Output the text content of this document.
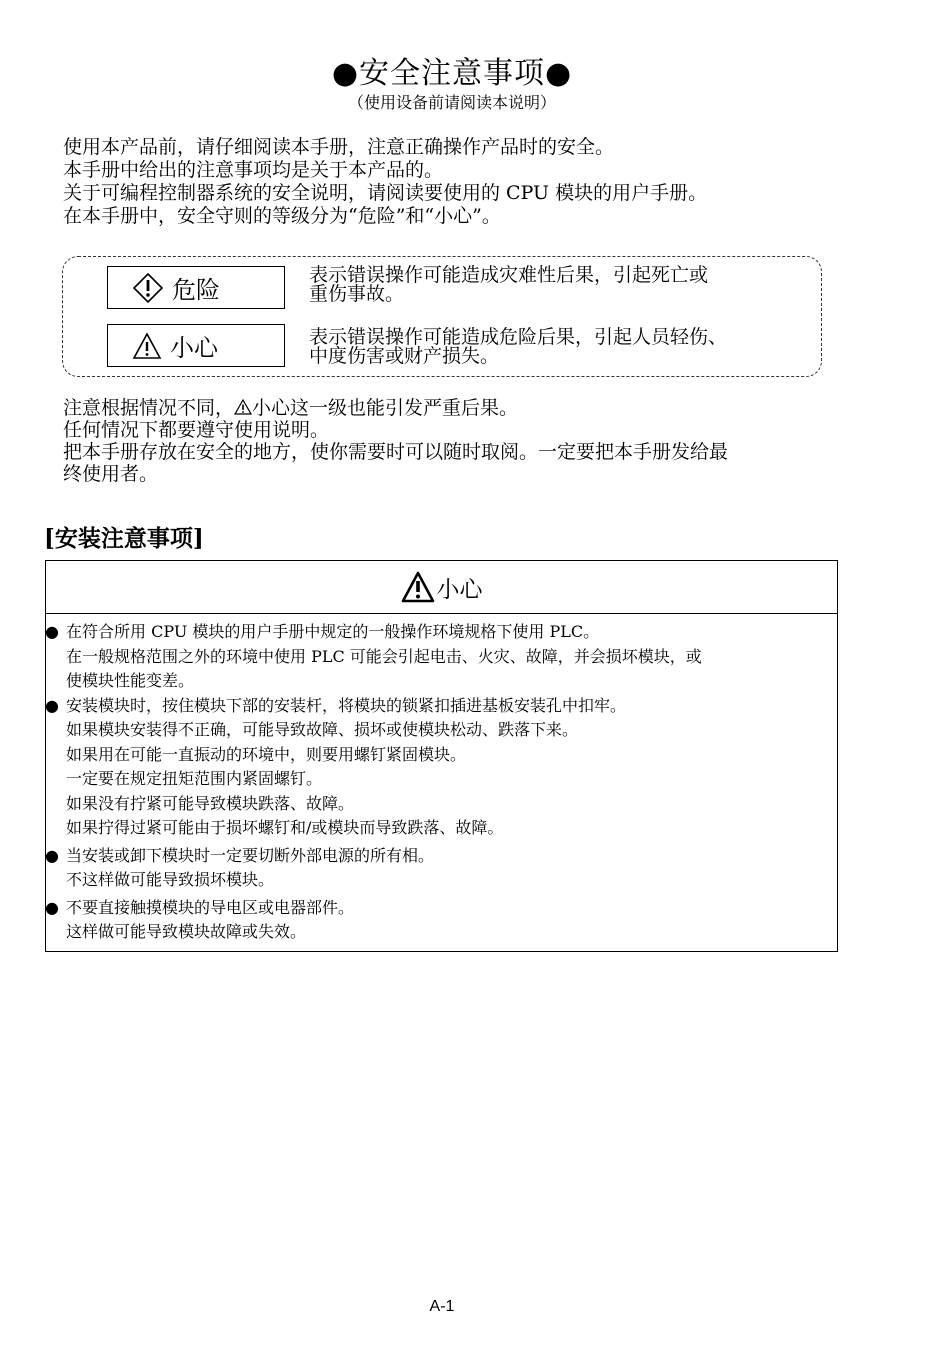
●安全注意事项●
（使用设备前请阅读本说明）
使用本产品前，请仔细阅读本手册，注意正确操作产品时的安全。
本手册中给出的注意事项均是关于本产品的。
关于可编程控制器系统的安全说明，请阅读要使用的 CPU 模块的用户手册。
在本手册中，安全守则的等级分为“危险”和“小心”。
危险
表示错误操作可能造成灾难性后果，引起死亡或
重伤事故。
小心	表示错误操作可能造成危险后果，引起人员轻伤、
中度伤害或财产损失。
注意根据情况不同， 小心这一级也能引发严重后果。
任何情况下都要遵守使用说明。
把本手册存放在安全的地方，使你需要时可以随时取阅。一定要把本手册发给最
终使用者。
[安装注意事项]
小心
● 在符合所用 CPU 模块的用户手册中规定的一般操作环境规格下使用 PLC。
在一般规格范围之外的环境中使用 PLC 可能会引起电击、火灾、故障，并会损坏模块，或
使模块性能变差。
● 安装模块时，按住模块下部的安装杆，将模块的锁紧扣插进基板安装孔中扣牢。
如果模块安装得不正确，可能导致故障、损坏或使模块松动、跌落下来。
如果用在可能一直振动的环境中，则要用螺钉紧固模块。
一定要在规定扭矩范围内紧固螺钉。
如果没有拧紧可能导致模块跌落、故障。
如果拧得过紧可能由于损坏螺钉和/或模块而导致跌落、故障。
● 当安装或卸下模块时一定要切断外部电源的所有相。
不这样做可能导致损坏模块。
● 不要直接触摸模块的导电区或电器部件。
这样做可能导致模块故障或失效。
A-1
